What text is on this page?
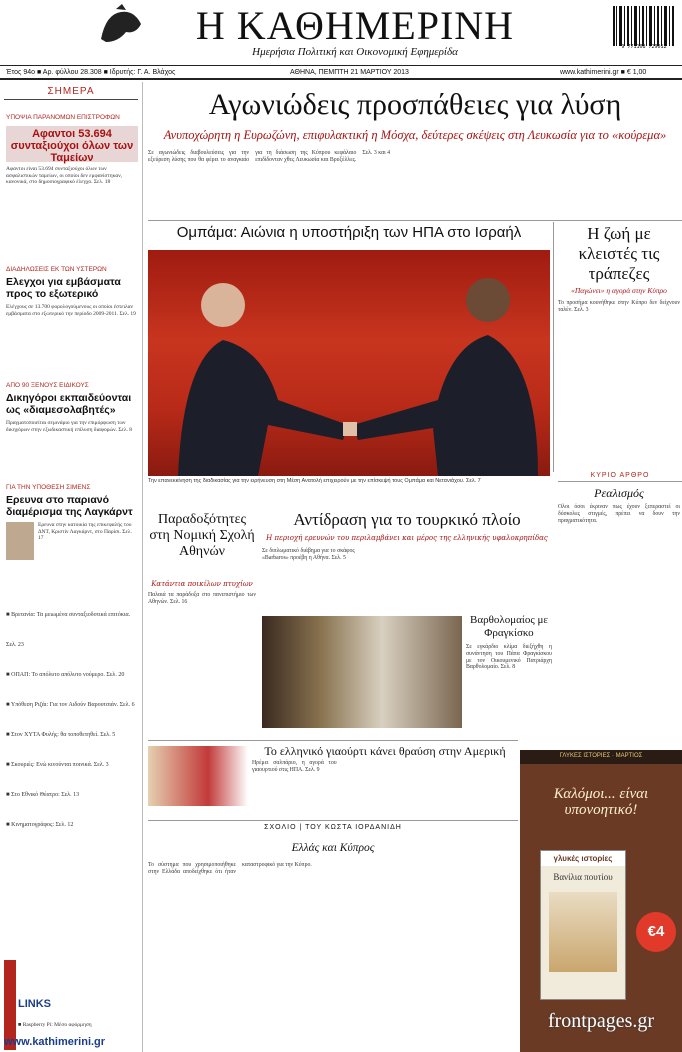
Η ΚΑΘΗΜΕΡΙΝΗ
Ημερήσια Πολιτική και Οικονομική Εφημερίδα	9 771108 729012
Έτος 94ο ■ Αρ. φύλλου 28.308 ■ Ιδρυτής: Γ. Α. Βλάχος	ΑΘΗΝΑ, ΠΕΜΠΤΗ 21 ΜΑΡΤΙΟΥ 2013	www.kathimerini.gr ■ € 1,00
ΣΗΜΕΡΑ
ΥΠΟΨΙΑ ΠΑΡΑΝΟΜΩΝ ΕΠΙΣΤΡΟΦΩΝ
Αφαντοι 53.694 συνταξιούχοι όλων των Ταμείων
Αφαντοι είναι 53.694 συνταξιούχοι όλων των ασφαλιστικών ταμείων, οι οποίοι δεν εμφανίστηκαν, κανονικά, στο δημοσιογραφικό έλεγχο. Σελ. 18
ΔΙΑΔΗΛΩΣΕΙΣ ΕΚ ΤΩΝ ΥΣΤΕΡΩΝ
Ελεγχοι για εμβάσματα προς το εξωτερικό
Ελέγχους σε 13.700 φορολογούμενους οι οποίοι έστειλαν εμβάσματα στο εξωτερικό την περίοδο 2009-2011. Σελ. 19
ΑΠΟ 90 ΞΕΝΟΥΣ ΕΙΔΙΚΟΥΣ
Δικηγόροι εκπαιδεύονται ως «διαμεσολαβητές»
Πραγματοποιείται σεμινάριο για την επιμόρφωση των δικηγόρων στην εξωδικαστική επίλυση διαφορών. Σελ. 8
ΓΙΑ ΤΗΝ ΥΠΟΘΕΣΗ ΣΙΜΕΝΣ
Ερευνα στο παριανό διαμέρισμα της Λαγκάρντ
Ερευνα στην κατοικία της επικεφαλής του ΔΝΤ, Κριστίν Λαγκάρντ, στο Παρίσι. Σελ. 17
■ Βρετανία: Τα μειωμένα συνταξιοδοτικά επιτόκια. Σελ. 23
■ ΟΠΑΠ: Το απόλυτο απόλυτο νούμερο. Σελ. 20
■ Υπόθεση Ριζάι: Για τον Αιδούν Βαρουτσιάν. Σελ. 6
■ Στον ΧΥΤΑ Φυλής: θα τοποθετηθεί. Σελ. 5
■ Σκουριές: Ενώ κινούνται ποινικά. Σελ. 3
■ Στο Εθνικό Θέατρο: Σελ. 13
■ Κινηματογράφος: Σελ. 12
LINKS
■ Raspberry Pi: Μέσο αφόρμηση
www.kathimerini.gr
Αγωνιώδεις προσπάθειες για λύση
Ανυποχώρητη η Ευρωζώνη, επιφυλακτική η Μόσχα, δεύτερες σκέψεις στη Λευκωσία για το «κούρεμα»
Σε αγωνιώδεις διαβουλεύσεις για την εξεύρεση λύσης που θα φέρει το αναγκαίο για τη διάσωση της Κύπρου κεφάλαιο επιδίδονταν χθες Λευκωσία και Βρυξέλλες. Σελ. 3 και 4
Ομπάμα: Αιώνια η υποστήριξη των ΗΠΑ στο Ισραήλ
Την επανεκκίνηση της διαδικασίας για την ειρήνευση στη Μέση Ανατολή επιχειρούν με την επίσκεψή τους Ομπάμα και Νετανιάχου. Σελ. 7
Η ζωή με κλειστές τις τράπεζες
«Παγώνει» η αγορά στην Κύπρο
Το προσήμα κουνήθηκε στην Κύπρο δεν δείχνουν ταλέν. Σελ. 3
ΚΥΡΙΟ ΑΡΘΡΟ
Ρεαλισμός
Ολοι όσοι έκριναν πως έχουν ξεπεραστεί οι δύσκολες στιγμές, πρέπει να δουν την πραγματικότητα.
Παραδοξότητες στη Νομική Σχολή Αθηνών
Κατάντια ποικίλων πτυχίων
Παλαιά τα παράδοξα στο πανεπιστήμιο των Αθηνών. Σελ. 16
Αντίδραση για το τουρκικό πλοίο
Η περιοχή ερευνών του περιλαμβάνει και μέρος της ελληνικής υφαλοκρηπίδας
Σε διπλωματικό διάβημα για το σκάφος «Barbaros» προέβη η Αθήνα. Σελ. 5
Βαρθολομαίος με Φραγκίσκο
Σε εγκάρδιο κλίμα διεξήχθη η συνάντηση του Πάπα Φραγκίσκου με τον Οικουμενικό Πατριάρχη Βαρθολομαίο. Σελ. 8
Το ελληνικό γιαούρτι κάνει θραύση στην Αμερική
Ηρέμει σαλπάριο, η αγορά του γιαουρτιού στις ΗΠΑ. Σελ. 9
ΣΧΟΛΙΟ | ΤΟΥ ΚΩΣΤΑ ΙΟΡΔΑΝΙΔΗ
Ελλάς και Κύπρος
Το σύστημα που χρησιμοποιήθηκε στην Ελλάδα αποδείχθηκε ότι ήταν καταστροφικό για την Κύπρο.
ΓΛΥΚΕΣ ΙΣΤΟΡΙΕΣ · ΜΑΡΤΙΟΣ
Καλόμοι... είναι υπονοητικό!
γλυκές ιστορίες
Βανίλια πουτίου
€4
frontpages.gr
